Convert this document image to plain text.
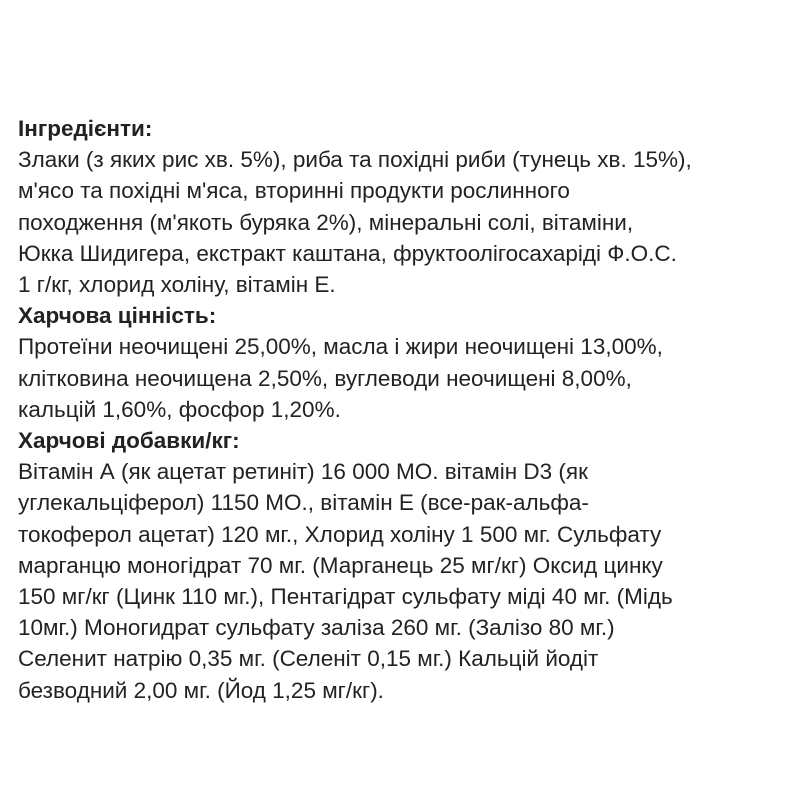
Інгредієнти:
Злаки (з яких рис хв. 5%), риба та похідні риби (тунець хв. 15%),
м'ясо та похідні м'яса, вторинні продукти рослинного
походження (м'якоть буряка 2%), мінеральні солі, вітаміни,
Юкка Шидигера, екстракт каштана, фруктоолігосахаріді Ф.О.С.
1 г/кг, хлорид холіну, вітамін Е.
Харчова цінність:
Протеїни неочищені 25,00%, масла і жири неочищені 13,00%,
клітковина неочищена 2,50%, вуглеводи неочищені 8,00%,
кальцій 1,60%, фосфор 1,20%.
Харчові добавки/кг:
Вітамін А (як ацетат ретиніт) 16 000 МО. вітамін D3 (як
углекальціферол) 1150 МО., вітамін Е (все-рак-альфа-
токоферол ацетат) 120 мг., Хлорид холіну 1 500 мг. Сульфату
марганцю моногідрат 70 мг. (Марганець 25 мг/кг) Оксид цинку
150 мг/кг (Цинк 110 мг.), Пентагідрат сульфату міді 40 мг. (Мідь
10мг.) Моногидрат сульфату заліза 260 мг. (Залізо 80 мг.)
Селенит натрію 0,35 мг. (Селеніт 0,15 мг.) Кальцій йодіт
безводний 2,00 мг. (Йод 1,25 мг/кг).
